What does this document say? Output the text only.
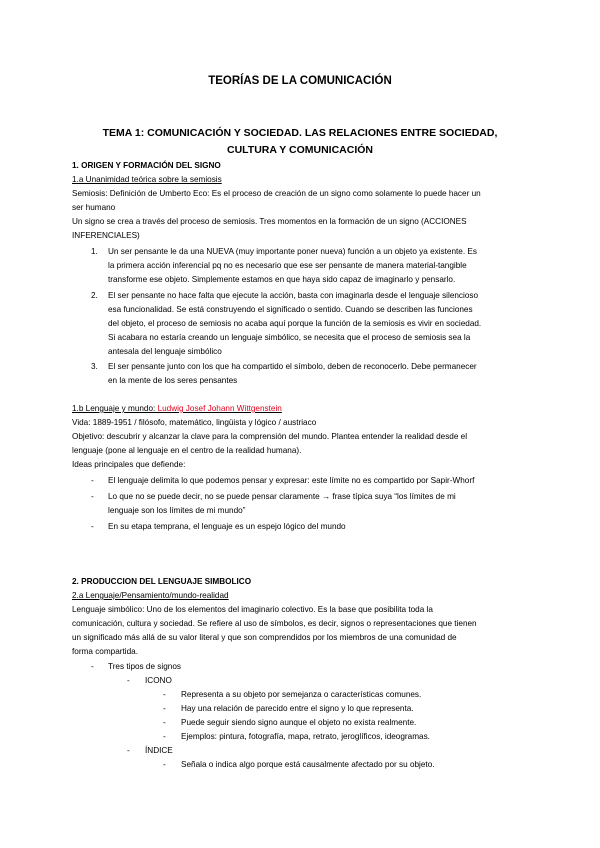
TEORÍAS DE LA COMUNICACIÓN
TEMA 1: COMUNICACIÓN Y SOCIEDAD. LAS RELACIONES ENTRE SOCIEDAD, CULTURA Y COMUNICACIÓN
1. ORIGEN Y FORMACIÓN DEL SIGNO
1.a Unanimidad teórica sobre la semiosis
Semiosis: Definición de Umberto Eco: Es el proceso de creación de un signo como solamente lo puede hacer un
ser humano
Un signo se crea a través del proceso de semiosis. Tres momentos en la formación de un signo (ACCIONES
INFERENCIALES)
1. Un ser pensante le da una NUEVA (muy importante poner nueva) función a un objeto ya existente. Es
la primera acción inferencial pq no es necesario que ese ser pensante de manera material-tangible
transforme ese objeto. Simplemente estamos en que haya sido capaz de imaginarlo y pensarlo.
2. El ser pensante no hace falta que ejecute la acción, basta con imaginarla desde el lenguaje silencioso
esa funcionalidad. Se está construyendo el significado o sentido. Cuando se describen las funciones
del objeto, el proceso de semiosis no acaba aquí porque la función de la semiosis es vivir en sociedad.
Si acabara no estaría creando un lenguaje simbólico, se necesita que el proceso de semiosis sea la
antesala del lenguaje simbólico
3. El ser pensante junto con los que ha compartido el símbolo, deben de reconocerlo. Debe permanecer
en la mente de los seres pensantes
1.b Lenguaje y mundo: Ludwig Josef Johann Wittgenstein
Vida: 1889-1951 / filósofo, matemático, lingüista y lógico / austriaco
Objetivo: descubrir y alcanzar la clave para la comprensión del mundo. Plantea entender la realidad desde el
lenguaje (pone al lenguaje en el centro de la realidad humana).
Ideas principales que defiende:
- El lenguaje delimita lo que podemos pensar y expresar: este límite no es compartido por Sapir-Whorf
- Lo que no se puede decir, no se puede pensar claramente → frase típica suya “los límites de mi
lenguaje son los límites de mi mundo”
- En su etapa temprana, el lenguaje es un espejo lógico del mundo
2. PRODUCCION DEL LENGUAJE SIMBOLICO
2.a Lenguaje/Pensamiento/mundo-realidad
Lenguaje simbólico: Uno de los elementos del imaginario colectivo. Es la base que posibilita toda la
comunicación, cultura y sociedad. Se refiere al uso de símbolos, es decir, signos o representaciones que tienen
un significado más allá de su valor literal y que son comprendidos por los miembros de una comunidad de
forma compartida.
- Tres tipos de signos
- ICONO
- Representa a su objeto por semejanza o características comunes.
- Hay una relación de parecido entre el signo y lo que representa.
- Puede seguir siendo signo aunque el objeto no exista realmente.
- Ejemplos: pintura, fotografía, mapa, retrato, jeroglíficos, ideogramas.
- ÍNDICE
- Señala o indica algo porque está causalmente afectado por su objeto.
